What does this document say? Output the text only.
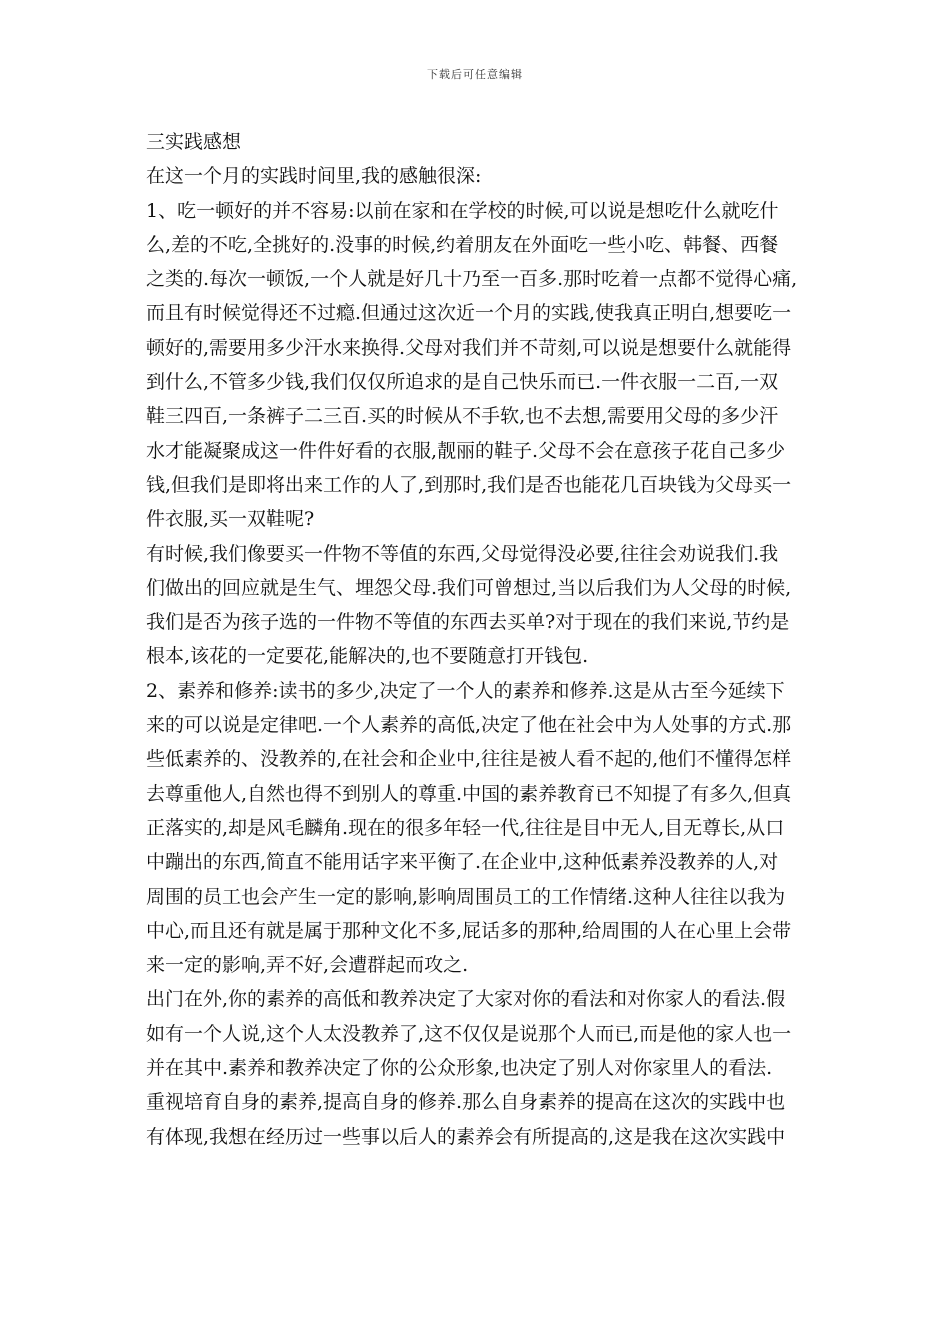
下载后可任意编辑
三实践感想
在这一个月的实践时间里,我的感触很深:
1、吃一顿好的并不容易:以前在家和在学校的时候,可以说是想吃什么就吃什
么,差的不吃,全挑好的.没事的时候,约着朋友在外面吃一些小吃、韩餐、西餐
之类的.每次一顿饭,一个人就是好几十乃至一百多.那时吃着一点都不觉得心痛,
而且有时候觉得还不过瘾.但通过这次近一个月的实践,使我真正明白,想要吃一
顿好的,需要用多少汗水来换得.父母对我们并不苛刻,可以说是想要什么就能得
到什么,不管多少钱,我们仅仅所追求的是自己快乐而已.一件衣服一二百,一双
鞋三四百,一条裤子二三百.买的时候从不手软,也不去想,需要用父母的多少汗
水才能凝聚成这一件件好看的衣服,靓丽的鞋子.父母不会在意孩子花自己多少
钱,但我们是即将出来工作的人了,到那时,我们是否也能花几百块钱为父母买一
件衣服,买一双鞋呢?
有时候,我们像要买一件物不等值的东西,父母觉得没必要,往往会劝说我们.我
们做出的回应就是生气、埋怨父母.我们可曾想过,当以后我们为人父母的时候,
我们是否为孩子选的一件物不等值的东西去买单?对于现在的我们来说,节约是
根本,该花的一定要花,能解决的,也不要随意打开钱包.
2、素养和修养:读书的多少,决定了一个人的素养和修养.这是从古至今延续下
来的可以说是定律吧.一个人素养的高低,决定了他在社会中为人处事的方式.那
些低素养的、没教养的,在社会和企业中,往往是被人看不起的,他们不懂得怎样
去尊重他人,自然也得不到别人的尊重.中国的素养教育已不知提了有多久,但真
正落实的,却是风毛麟角.现在的很多年轻一代,往往是目中无人,目无尊长,从口
中蹦出的东西,简直不能用话字来平衡了.在企业中,这种低素养没教养的人,对
周围的员工也会产生一定的影响,影响周围员工的工作情绪.这种人往往以我为
中心,而且还有就是属于那种文化不多,屁话多的那种,给周围的人在心里上会带
来一定的影响,弄不好,会遭群起而攻之.
出门在外,你的素养的高低和教养决定了大家对你的看法和对你家人的看法.假
如有一个人说,这个人太没教养了,这不仅仅是说那个人而已,而是他的家人也一
并在其中.素养和教养决定了你的公众形象,也决定了别人对你家里人的看法.
重视培育自身的素养,提高自身的修养.那么自身素养的提高在这次的实践中也
有体现,我想在经历过一些事以后人的素养会有所提高的,这是我在这次实践中
